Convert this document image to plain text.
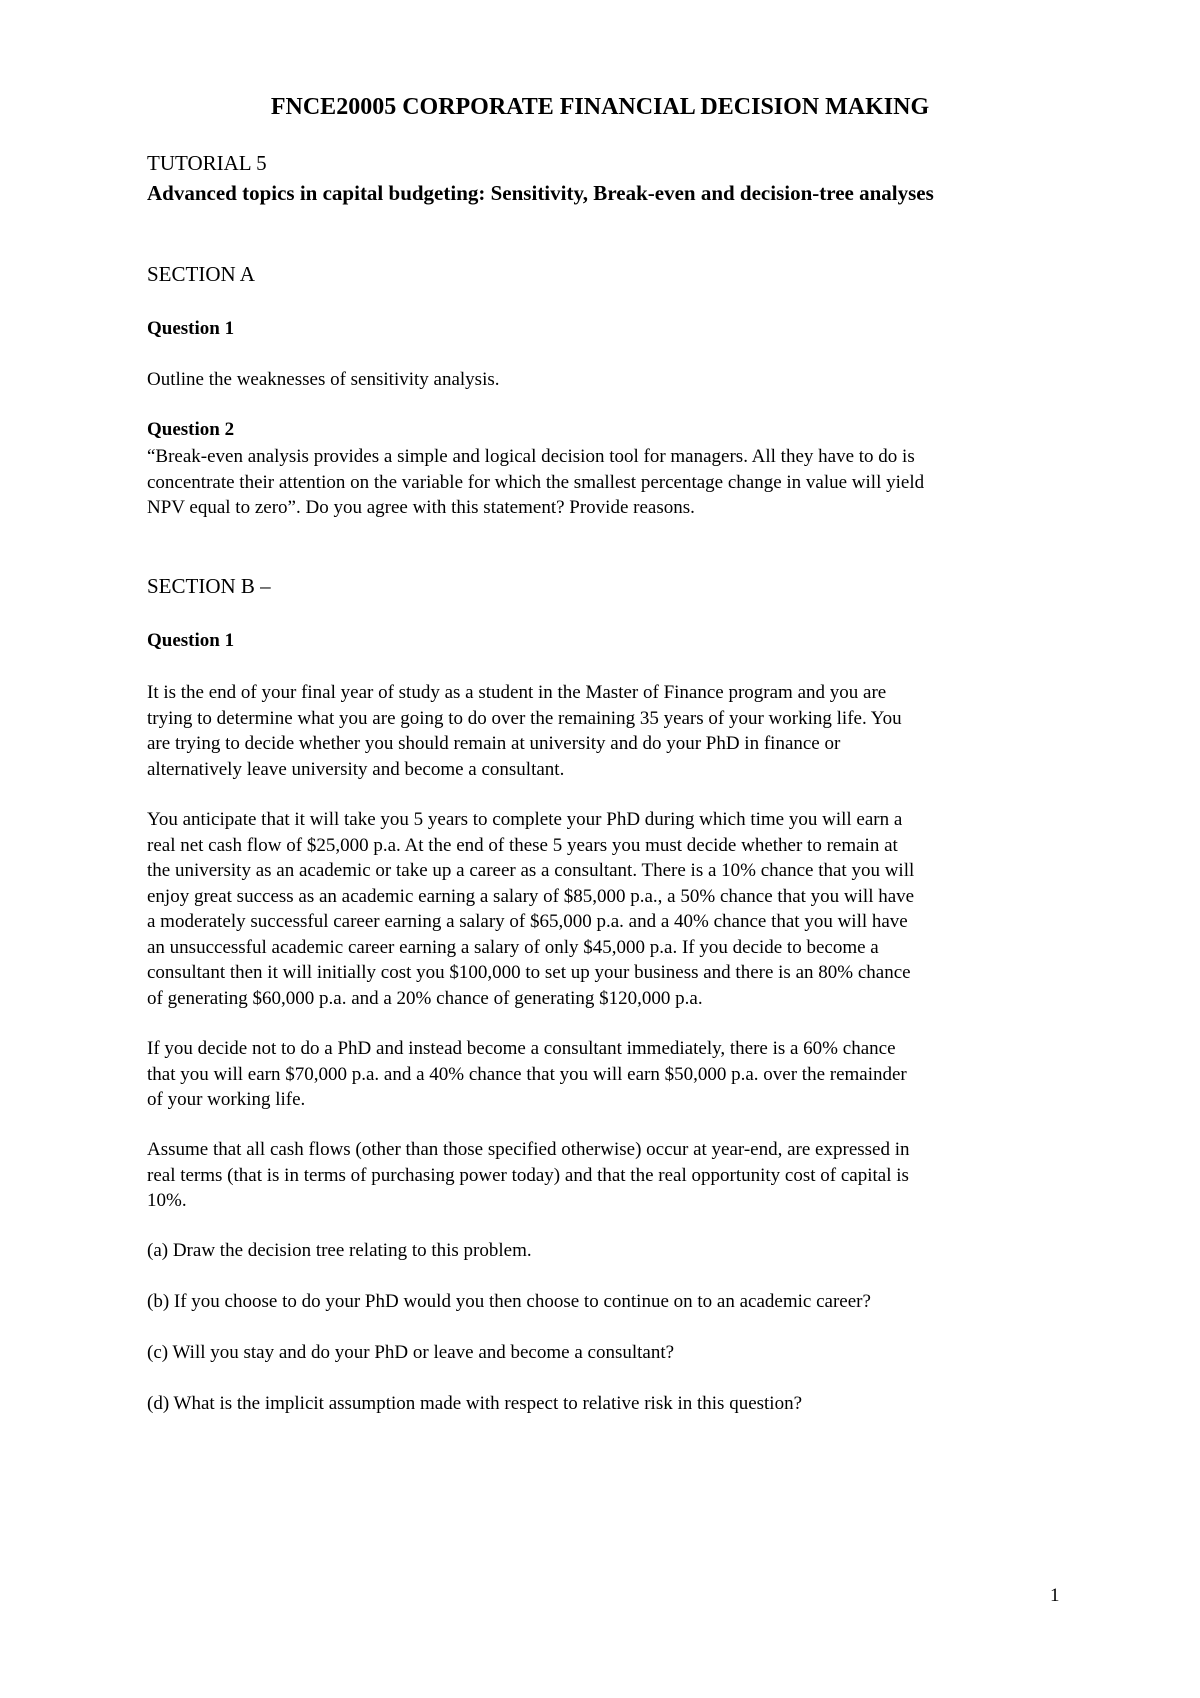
FNCE20005 CORPORATE FINANCIAL DECISION MAKING
TUTORIAL 5
Advanced topics in capital budgeting: Sensitivity, Break-even and decision-tree analyses
SECTION A
Question 1
Outline the weaknesses of sensitivity analysis.
Question 2
“Break-even analysis provides a simple and logical decision tool for managers. All they have to do is
concentrate their attention on the variable for which the smallest percentage change in value will yield
NPV equal to zero”. Do you agree with this statement? Provide reasons.
SECTION B –
Question 1
It is the end of your final year of study as a student in the Master of Finance program and you are
trying to determine what you are going to do over the remaining 35 years of your working life. You
are trying to decide whether you should remain at university and do your PhD in finance or
alternatively leave university and become a consultant.
You anticipate that it will take you 5 years to complete your PhD during which time you will earn a
real net cash flow of $25,000 p.a. At the end of these 5 years you must decide whether to remain at
the university as an academic or take up a career as a consultant. There is a 10% chance that you will
enjoy great success as an academic earning a salary of $85,000 p.a., a 50% chance that you will have
a moderately successful career earning a salary of $65,000 p.a. and a 40% chance that you will have
an unsuccessful academic career earning a salary of only $45,000 p.a. If you decide to become a
consultant then it will initially cost you $100,000 to set up your business and there is an 80% chance
of generating $60,000 p.a. and a 20% chance of generating $120,000 p.a.
If you decide not to do a PhD and instead become a consultant immediately, there is a 60% chance
that you will earn $70,000 p.a. and a 40% chance that you will earn $50,000 p.a. over the remainder
of your working life.
Assume that all cash flows (other than those specified otherwise) occur at year-end, are expressed in
real terms (that is in terms of purchasing power today) and that the real opportunity cost of capital is
10%.
(a) Draw the decision tree relating to this problem.
(b) If you choose to do your PhD would you then choose to continue on to an academic career?
(c) Will you stay and do your PhD or leave and become a consultant?
(d) What is the implicit assumption made with respect to relative risk in this question?
1
